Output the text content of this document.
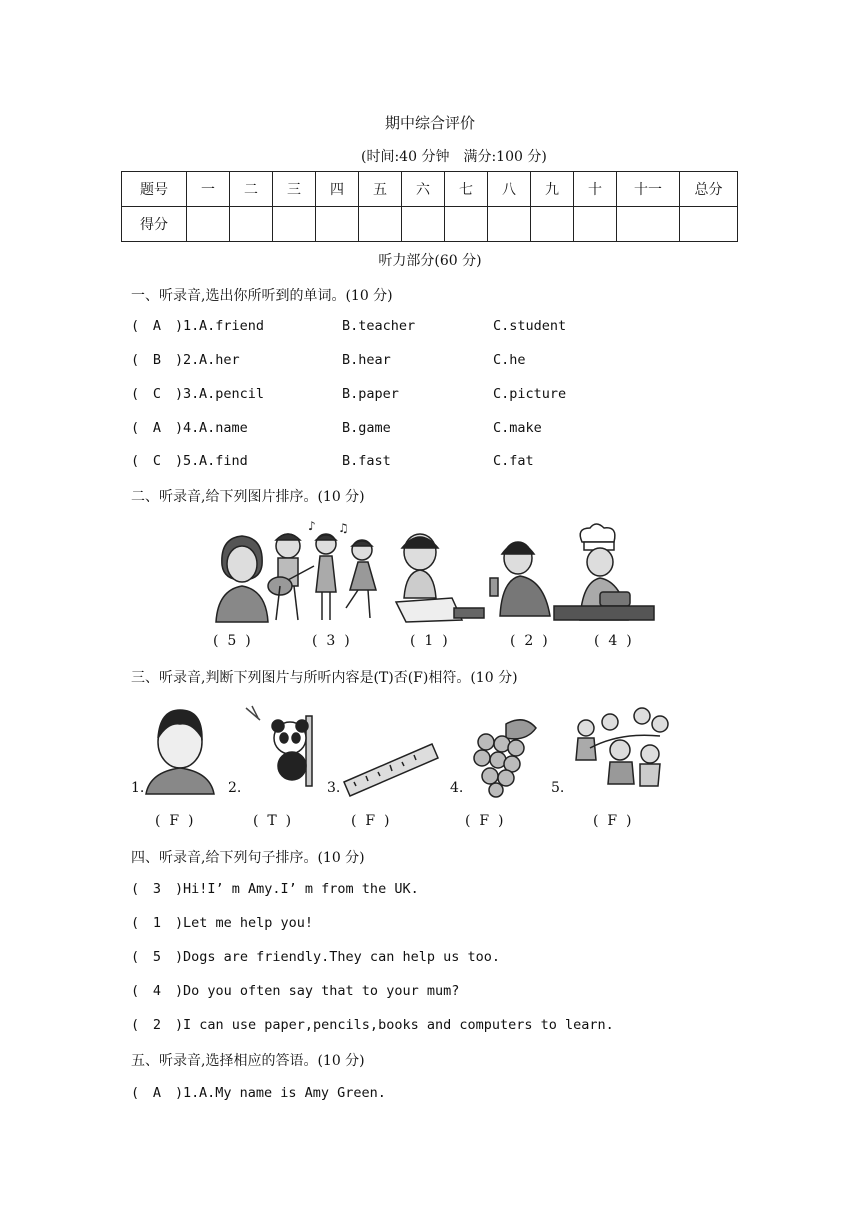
期中综合评价
(时间:40 分钟　满分:100 分)
题号	一	二	三	四	五	六	七	八	九	十	十一	总分
得分												
听力部分(60 分)
一、听录音,选出你所听到的单词。(10 分)
( A ) 1. A.friend	B.teacher	C.student
( B ) 2. A.her	B.hear	C.he
( C ) 3. A.pencil	B.paper	C.picture
( A ) 4. A.name	B.game	C.make
( C ) 5. A.find	B.fast	C.fat
二、听录音,给下列图片排序。(10 分)
♪ ♫
(  5  )	(  3  )	(  1  )	(  2  )	(  4  )
三、听录音,判断下列图片与所听内容是(T)否(F)相符。(10 分)
1.	2.	3.	4.	5.
(  F  )	(  T  )	(  F  )	(  F  )	(  F  )
四、听录音,给下列句子排序。(10 分)
( 3 ) Hi!I’ m Amy.I’ m from the UK.
( 1 ) Let me help you!
( 5 ) Dogs are friendly.They can help us too.
( 4 ) Do you often say that to your mum?
( 2 ) I can use paper,pencils,books and computers to learn.
五、听录音,选择相应的答语。(10 分)
( A ) 1. A.My name is Amy Green.
